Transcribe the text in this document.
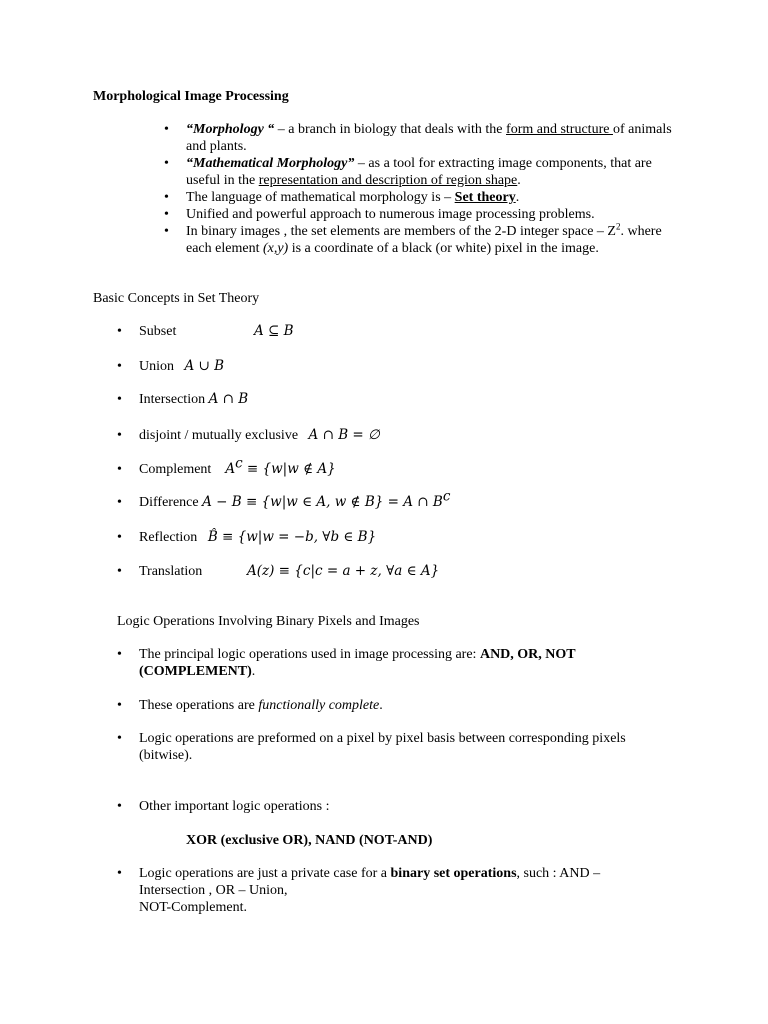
Morphological Image Processing
• “Morphology “ – a branch in biology that deals with the form and structure of animals and plants.
• “Mathematical Morphology” – as a tool for extracting image components, that are useful in the representation and description of region shape.
• The language of mathematical morphology is – Set theory.
• Unified and powerful approach to numerous image processing problems.
• In binary images , the set elements are members of the 2-D integer space – $Z^2$. where each element (x,y) is a coordinate of a black (or white) pixel in the image.
Basic Concepts in Set Theory
• Subset	A ⊆ B
• Union A ∪ B
• Intersection A ∩ B
• disjoint / mutually exclusive A ∩ B = ∅
• Complement $A^c \equiv \{w|w$ ∉ A}
• Difference A − B ≡ {w|w ∈ A, w ∉ B} = A ∩ $B^c$
• Reflection B̂ ≡ {w|w = −b, ∀b ∈ B}
• Translation	A(z) ≡ {c|c = a + z, ∀a ∈ A}
Logic Operations Involving Binary Pixels and Images
• The principal logic operations used in image processing are: AND, OR, NOT (COMPLEMENT).
• These operations are functionally complete.
• Logic operations are preformed on a pixel by pixel basis between corresponding pixels (bitwise).
• Other important logic operations :
XOR (exclusive OR), NAND (NOT-AND)
• Logic operations are just a private case for a binary set operations, such : AND – Intersection , OR – Union,
NOT-Complement.
